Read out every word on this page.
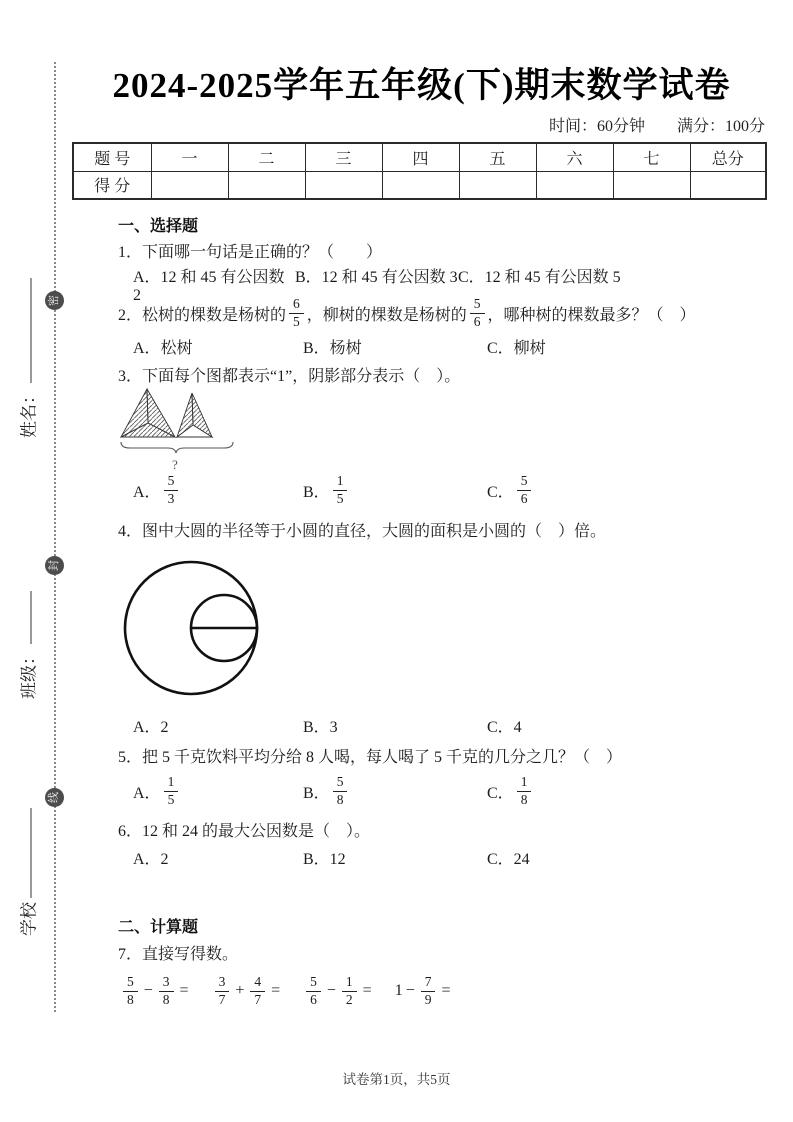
密
封
线
姓名：
班级：
学校
2024-2025学年五年级(下)期末数学试卷
时间：60分钟 满分：100分
题 号	一	二	三	四	五	六	七	总分
得 分								
一、选择题
1．下面哪一句话是正确的？（　　）
A．12 和 45 有公因数 2
B．12 和 45 有公因数 3 C．12 和 45 有公因数 5
2．松树的棵数是杨树的 $\frac{6}{5}$ ，柳树的棵数是杨树的 $\frac{5}{6}$ ，哪种树的棵数最多？（　）
A．松树	B．杨树	C．柳树
3．下面每个图都表示“1”，阴影部分表示（　）。
?
A． $\frac{5}{3}$	B． $\frac{1}{5}$	C． $\frac{5}{6}$
4．图中大圆的半径等于小圆的直径，大圆的面积是小圆的（　）倍。
A．2	B．3	C．4
5．把 5 千克饮料平均分给 8 人喝，每人喝了 5 千克的几分之几？（　）
A． $\frac{1}{5}$	B． $\frac{5}{8}$	C． $\frac{1}{8}$
6．12 和 24 的最大公因数是（　）。
A．2	B．12	C．24
二、计算题
7．直接写得数。
$\frac{5}{8} - \frac{3}{8} = \frac{3}{7} + \frac{4}{7} = \frac{5}{6} - \frac{1}{2} = 1 - \frac{7}{9}$ =
试卷第1页，共5页
